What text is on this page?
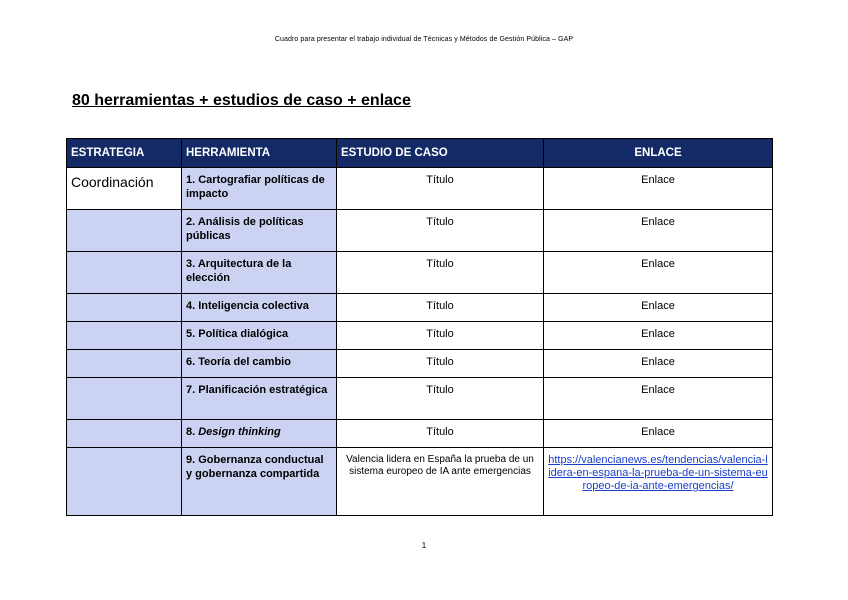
Cuadro para presentar el trabajo individual de Técnicas y Métodos de Gestión Pública – GAP
80 herramientas + estudios de caso + enlace
ESTRATEGIA	HERRAMIENTA	ESTUDIO DE CASO	ENLACE
Coordinación	1. Cartografiar políticas de impacto	Título	Enlace
	2. Análisis de políticas públicas	Título	Enlace
	3. Arquitectura de la elección	Título	Enlace
	4. Inteligencia colectiva	Título	Enlace
	5. Política dialógica	Título	Enlace
	6. Teoría del cambio	Título	Enlace
	7. Planificación estratégica	Título	Enlace
	8. Design thinking	Título	Enlace
	9. Gobernanza conductual y gobernanza compartida	Valencia lidera en España la prueba de un sistema europeo de IA ante emergencias	https://valencianews.es/tendencias/valencia-lidera-en-espana-la-prueba-de-un-sistema-europeo-de-ia-ante-emergencias/
1
